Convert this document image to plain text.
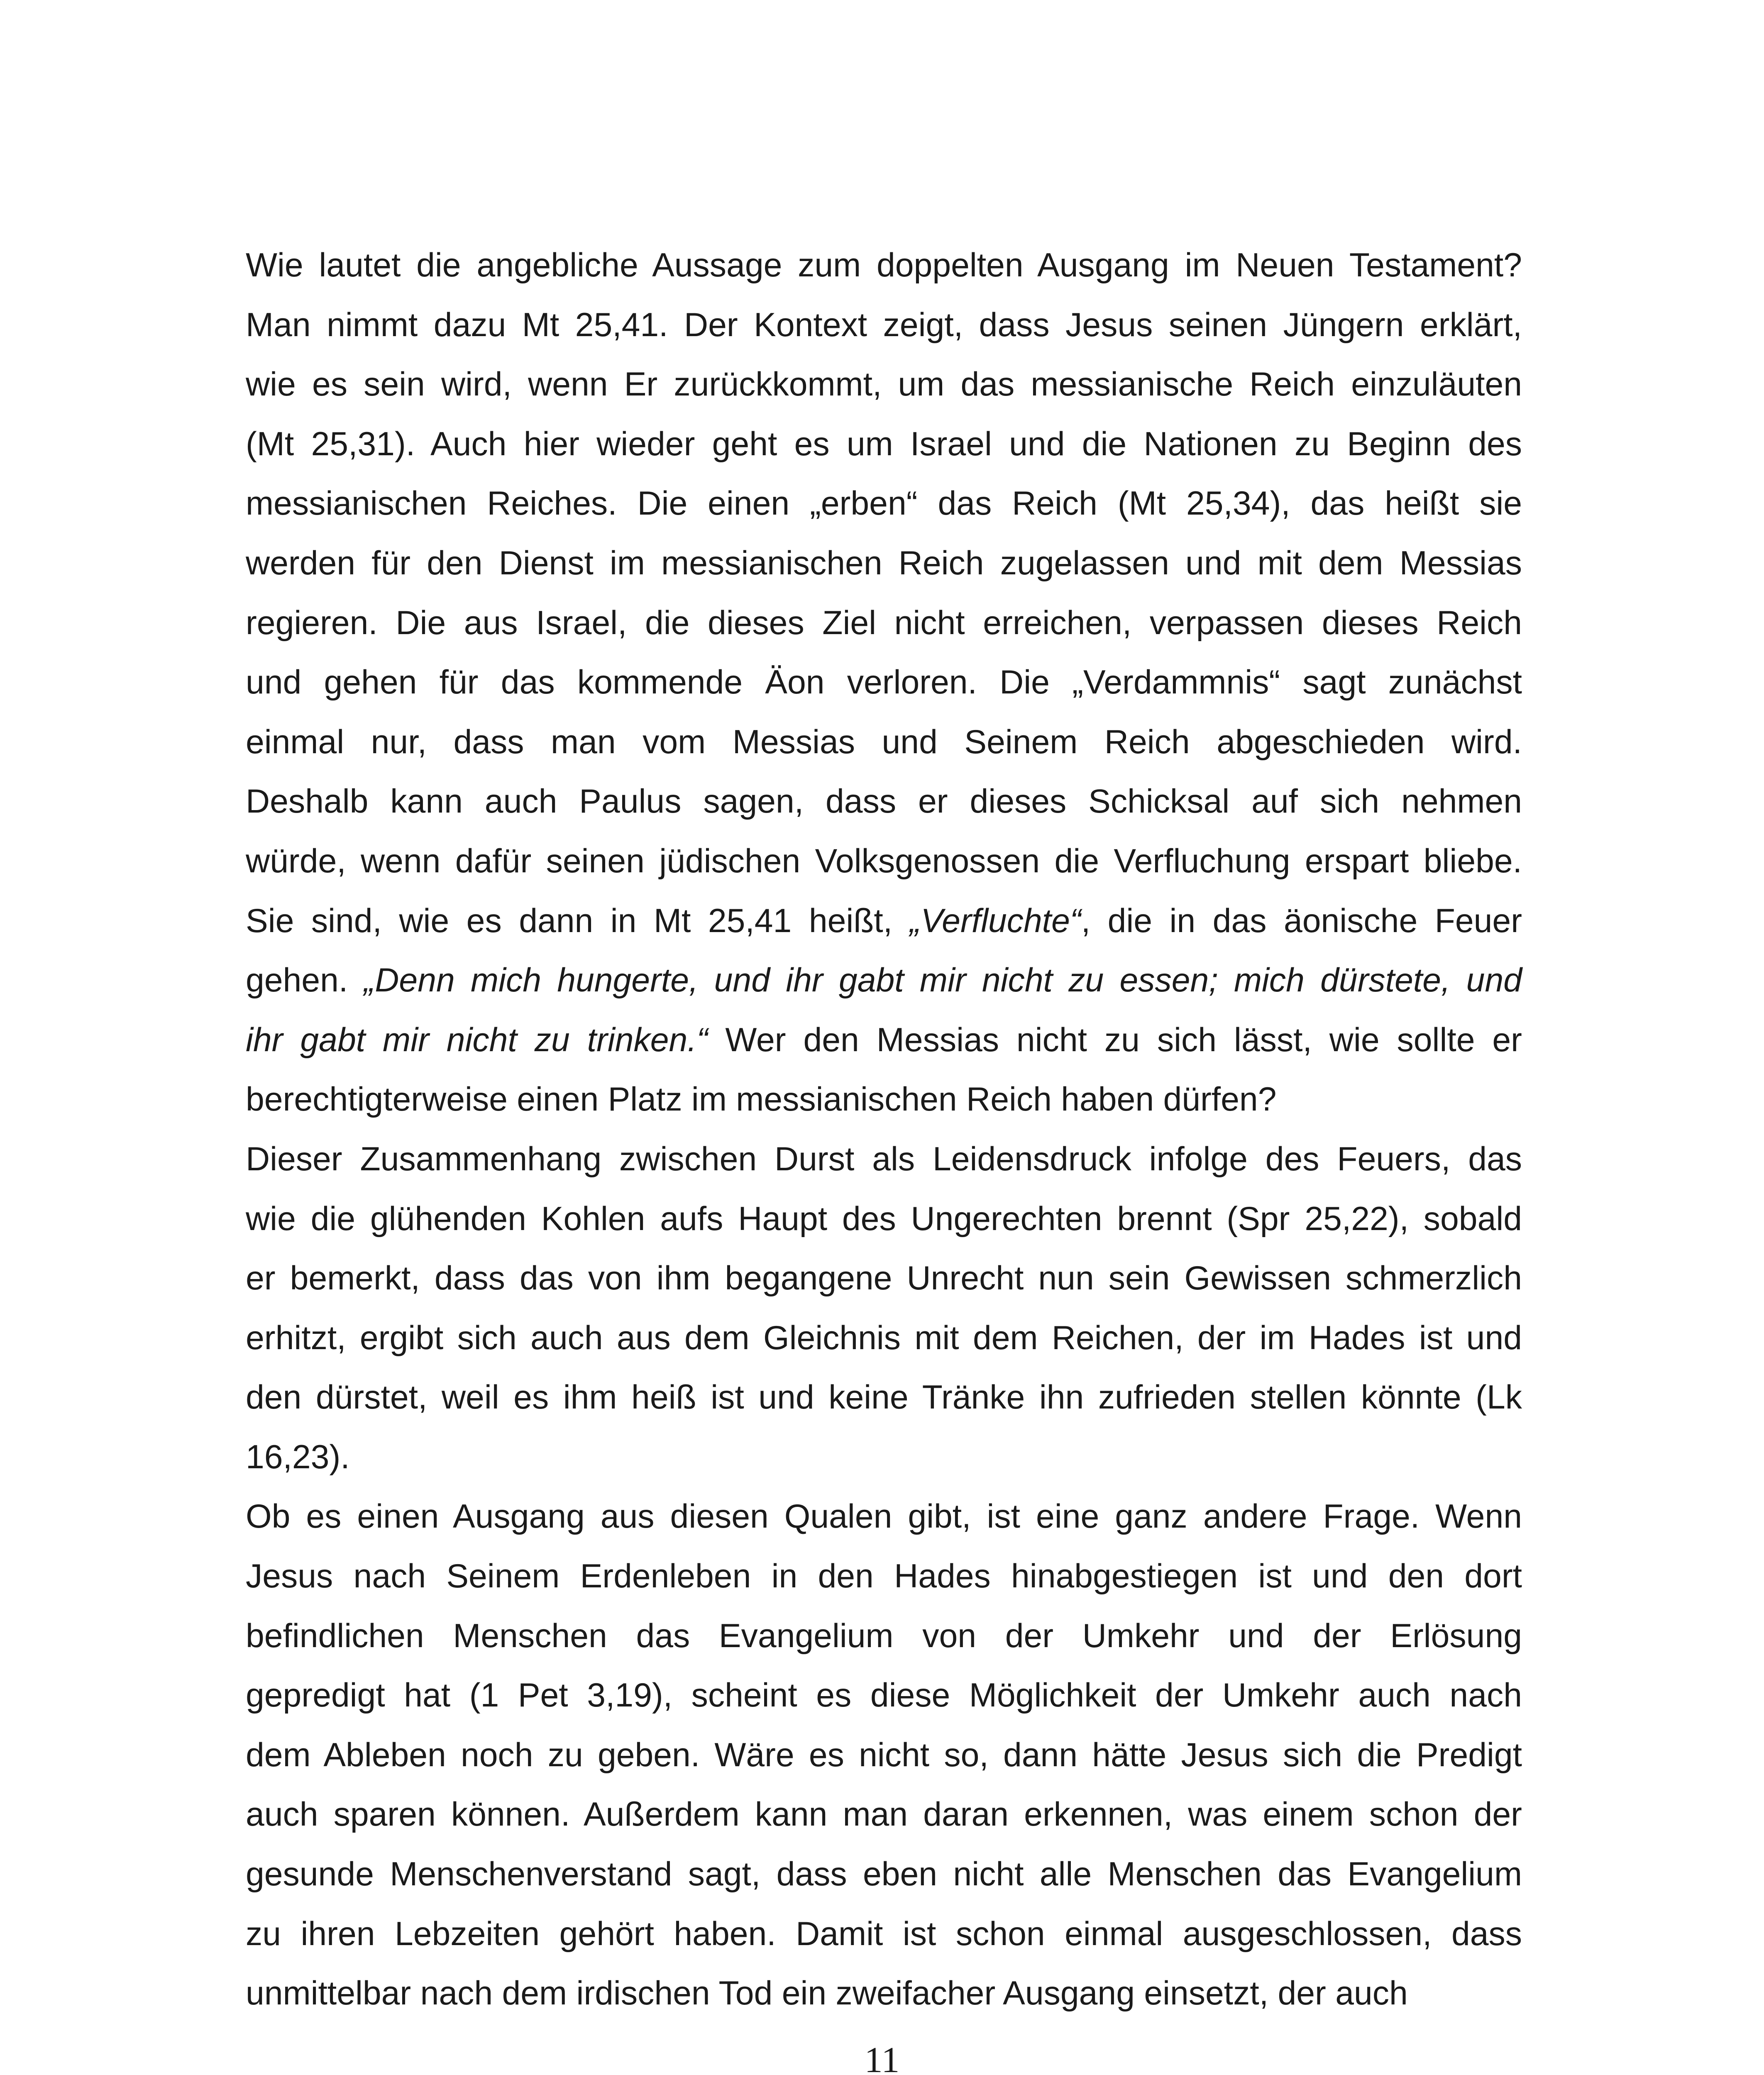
Wie lautet die angebliche Aussage zum doppelten Ausgang im Neuen Testament?
Man nimmt dazu Mt 25,41. Der Kontext zeigt, dass Jesus seinen Jüngern erklärt,
wie es sein wird, wenn Er zurückkommt, um das messianische Reich einzuläuten
(Mt 25,31). Auch hier wieder geht es um Israel und die Nationen zu Beginn des
messianischen Reiches. Die einen „erben“ das Reich (Mt 25,34), das heißt sie
werden für den Dienst im messianischen Reich zugelassen und mit dem Messias
regieren. Die aus Israel, die dieses Ziel nicht erreichen, verpassen dieses Reich
und gehen für das kommende Äon verloren. Die „Verdammnis“ sagt zunächst
einmal nur, dass man vom Messias und Seinem Reich abgeschieden wird.
Deshalb kann auch Paulus sagen, dass er dieses Schicksal auf sich nehmen
würde, wenn dafür seinen jüdischen Volksgenossen die Verfluchung erspart bliebe.
Sie sind, wie es dann in Mt 25,41 heißt, „Verfluchte“, die in das äonische Feuer
gehen. „Denn mich hungerte, und ihr gabt mir nicht zu essen; mich dürstete, und
ihr gabt mir nicht zu trinken.“ Wer den Messias nicht zu sich lässt, wie sollte er
berechtigterweise einen Platz im messianischen Reich haben dürfen?
Dieser Zusammenhang zwischen Durst als Leidensdruck infolge des Feuers, das
wie die glühenden Kohlen aufs Haupt des Ungerechten brennt (Spr 25,22), sobald
er bemerkt, dass das von ihm begangene Unrecht nun sein Gewissen schmerzlich
erhitzt, ergibt sich auch aus dem Gleichnis mit dem Reichen, der im Hades ist und
den dürstet, weil es ihm heiß ist und keine Tränke ihn zufrieden stellen könnte (Lk
16,23).
Ob es einen Ausgang aus diesen Qualen gibt, ist eine ganz andere Frage. Wenn
Jesus nach Seinem Erdenleben in den Hades hinabgestiegen ist und den dort
befindlichen Menschen das Evangelium von der Umkehr und der Erlösung
gepredigt hat (1 Pet 3,19), scheint es diese Möglichkeit der Umkehr auch nach
dem Ableben noch zu geben. Wäre es nicht so, dann hätte Jesus sich die Predigt
auch sparen können. Außerdem kann man daran erkennen, was einem schon der
gesunde Menschenverstand sagt, dass eben nicht alle Menschen das Evangelium
zu ihren Lebzeiten gehört haben. Damit ist schon einmal ausgeschlossen, dass
unmittelbar nach dem irdischen Tod ein zweifacher Ausgang einsetzt, der auch
11
